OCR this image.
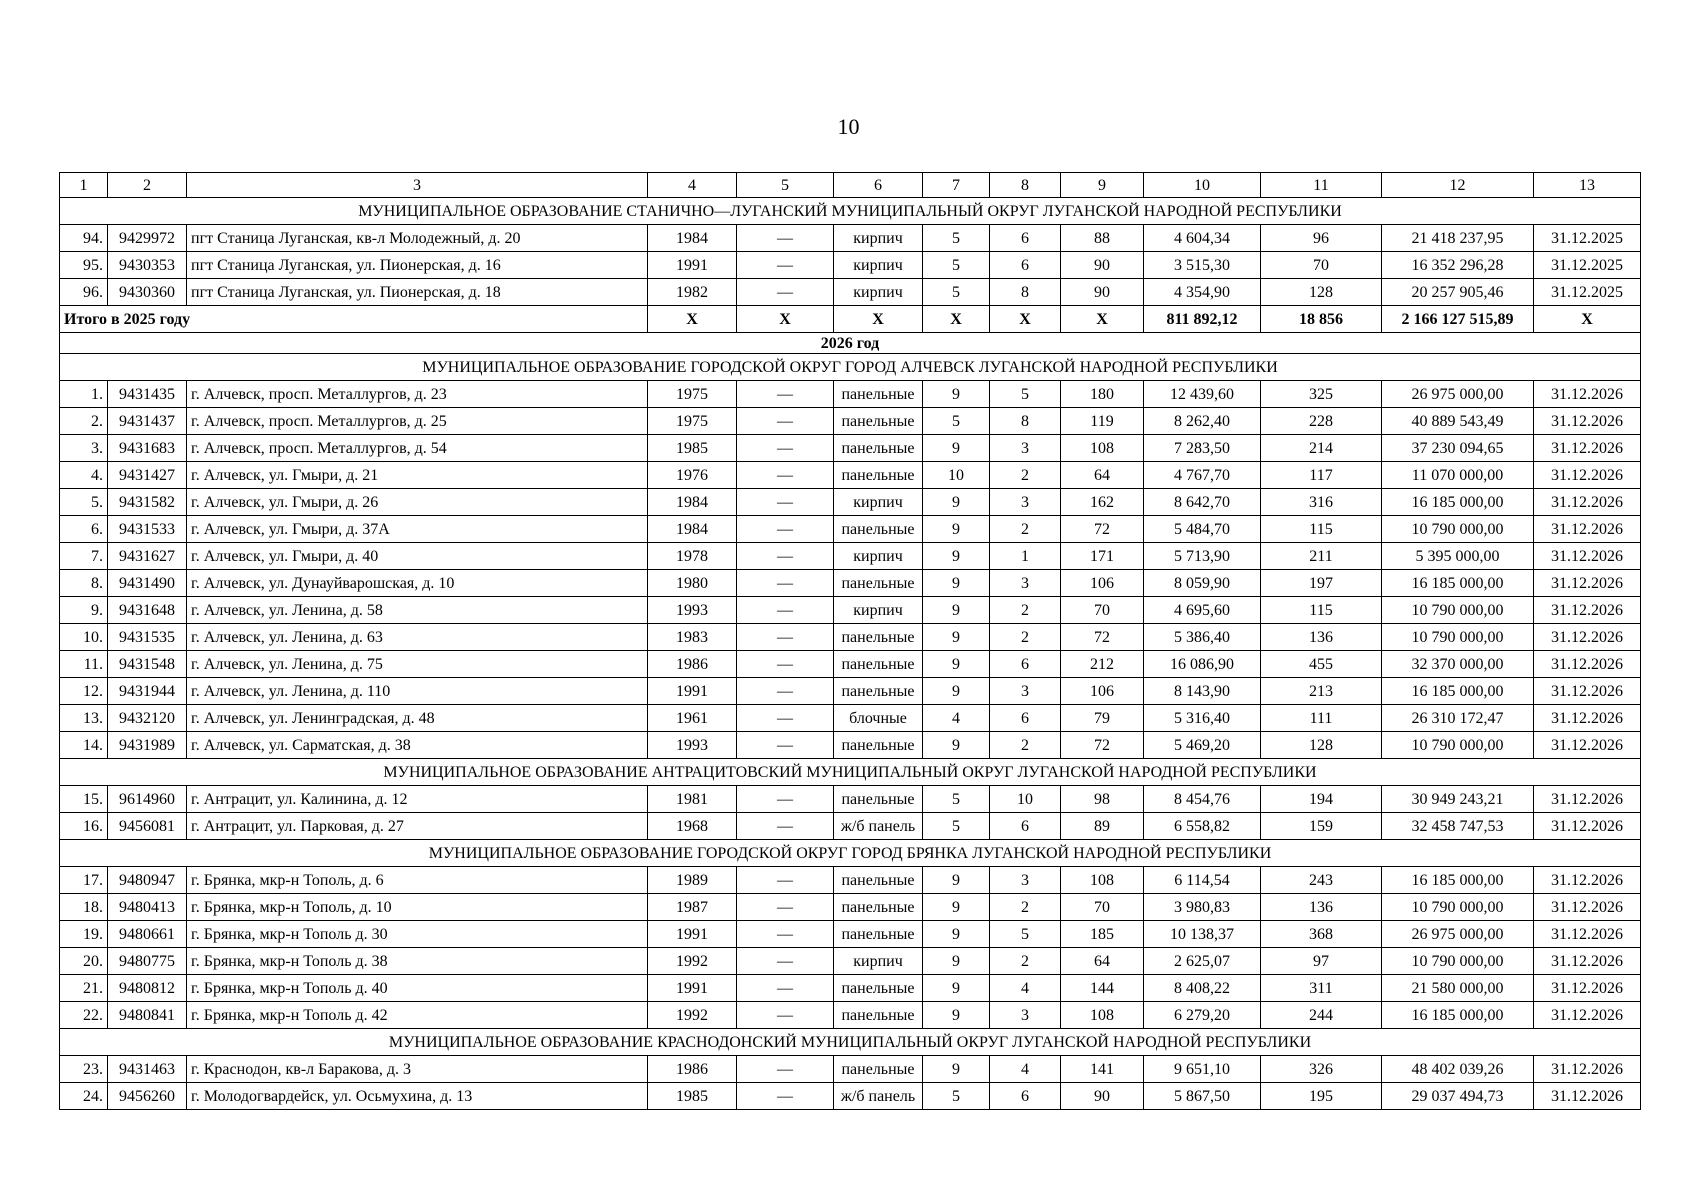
10
1	2	3	4	5	6	7	8	9	10	11	12	13
МУНИЦИПАЛЬНОЕ ОБРАЗОВАНИЕ СТАНИЧНО—ЛУГАНСКИЙ МУНИЦИПАЛЬНЫЙ ОКРУГ ЛУГАНСКОЙ НАРОДНОЙ РЕСПУБЛИКИ												
94.	9429972	пгт Станица Луганская, кв-л Молодежный, д. 20	1984	—	кирпич	5	6	88	4 604,34	96	21 418 237,95	31.12.2025
95.	9430353	пгт Станица Луганская, ул. Пионерская, д. 16	1991	—	кирпич	5	6	90	3 515,30	70	16 352 296,28	31.12.2025
96.	9430360	пгт Станица Луганская, ул. Пионерская, д. 18	1982	—	кирпич	5	8	90	4 354,90	128	20 257 905,46	31.12.2025
Итого в 2025 году			Х	Х	Х	Х	Х	Х	811 892,12	18 856	2 166 127 515,89	Х
2026 год												
МУНИЦИПАЛЬНОЕ ОБРАЗОВАНИЕ ГОРОДСКОЙ ОКРУГ ГОРОД АЛЧЕВСК ЛУГАНСКОЙ НАРОДНОЙ РЕСПУБЛИКИ												
1.	9431435	г. Алчевск, просп. Металлургов, д. 23	1975	—	панельные	9	5	180	12 439,60	325	26 975 000,00	31.12.2026
2.	9431437	г. Алчевск, просп. Металлургов, д. 25	1975	—	панельные	5	8	119	8 262,40	228	40 889 543,49	31.12.2026
3.	9431683	г. Алчевск, просп. Металлургов, д. 54	1985	—	панельные	9	3	108	7 283,50	214	37 230 094,65	31.12.2026
4.	9431427	г. Алчевск, ул. Гмыри, д. 21	1976	—	панельные	10	2	64	4 767,70	117	11 070 000,00	31.12.2026
5.	9431582	г. Алчевск, ул. Гмыри, д. 26	1984	—	кирпич	9	3	162	8 642,70	316	16 185 000,00	31.12.2026
6.	9431533	г. Алчевск, ул. Гмыри, д. 37А	1984	—	панельные	9	2	72	5 484,70	115	10 790 000,00	31.12.2026
7.	9431627	г. Алчевск, ул. Гмыри, д. 40	1978	—	кирпич	9	1	171	5 713,90	211	5 395 000,00	31.12.2026
8.	9431490	г. Алчевск, ул. Дунауйварошская, д. 10	1980	—	панельные	9	3	106	8 059,90	197	16 185 000,00	31.12.2026
9.	9431648	г. Алчевск, ул. Ленина, д. 58	1993	—	кирпич	9	2	70	4 695,60	115	10 790 000,00	31.12.2026
10.	9431535	г. Алчевск, ул. Ленина, д. 63	1983	—	панельные	9	2	72	5 386,40	136	10 790 000,00	31.12.2026
11.	9431548	г. Алчевск, ул. Ленина, д. 75	1986	—	панельные	9	6	212	16 086,90	455	32 370 000,00	31.12.2026
12.	9431944	г. Алчевск, ул. Ленина, д. 110	1991	—	панельные	9	3	106	8 143,90	213	16 185 000,00	31.12.2026
13.	9432120	г. Алчевск, ул. Ленинградская, д. 48	1961	—	блочные	4	6	79	5 316,40	111	26 310 172,47	31.12.2026
14.	9431989	г. Алчевск, ул. Сарматская, д. 38	1993	—	панельные	9	2	72	5 469,20	128	10 790 000,00	31.12.2026
МУНИЦИПАЛЬНОЕ ОБРАЗОВАНИЕ АНТРАЦИТОВСКИЙ МУНИЦИПАЛЬНЫЙ ОКРУГ ЛУГАНСКОЙ НАРОДНОЙ РЕСПУБЛИКИ												
15.	9614960	г. Антрацит, ул. Калинина, д. 12	1981	—	панельные	5	10	98	8 454,76	194	30 949 243,21	31.12.2026
16.	9456081	г. Антрацит, ул. Парковая, д. 27	1968	—	ж/б панель	5	6	89	6 558,82	159	32 458 747,53	31.12.2026
МУНИЦИПАЛЬНОЕ ОБРАЗОВАНИЕ ГОРОДСКОЙ ОКРУГ ГОРОД БРЯНКА ЛУГАНСКОЙ НАРОДНОЙ РЕСПУБЛИКИ												
17.	9480947	г. Брянка, мкр-н Тополь, д. 6	1989	—	панельные	9	3	108	6 114,54	243	16 185 000,00	31.12.2026
18.	9480413	г. Брянка, мкр-н Тополь, д. 10	1987	—	панельные	9	2	70	3 980,83	136	10 790 000,00	31.12.2026
19.	9480661	г. Брянка, мкр-н Тополь д. 30	1991	—	панельные	9	5	185	10 138,37	368	26 975 000,00	31.12.2026
20.	9480775	г. Брянка, мкр-н Тополь д. 38	1992	—	кирпич	9	2	64	2 625,07	97	10 790 000,00	31.12.2026
21.	9480812	г. Брянка, мкр-н Тополь д. 40	1991	—	панельные	9	4	144	8 408,22	311	21 580 000,00	31.12.2026
22.	9480841	г. Брянка, мкр-н Тополь д. 42	1992	—	панельные	9	3	108	6 279,20	244	16 185 000,00	31.12.2026
МУНИЦИПАЛЬНОЕ ОБРАЗОВАНИЕ КРАСНОДОНСКИЙ МУНИЦИПАЛЬНЫЙ ОКРУГ ЛУГАНСКОЙ НАРОДНОЙ РЕСПУБЛИКИ												
23.	9431463	г. Краснодон, кв-л Баракова, д. 3	1986	—	панельные	9	4	141	9 651,10	326	48 402 039,26	31.12.2026
24.	9456260	г. Молодогвардейск, ул. Осьмухина, д. 13	1985	—	ж/б панель	5	6	90	5 867,50	195	29 037 494,73	31.12.2026
